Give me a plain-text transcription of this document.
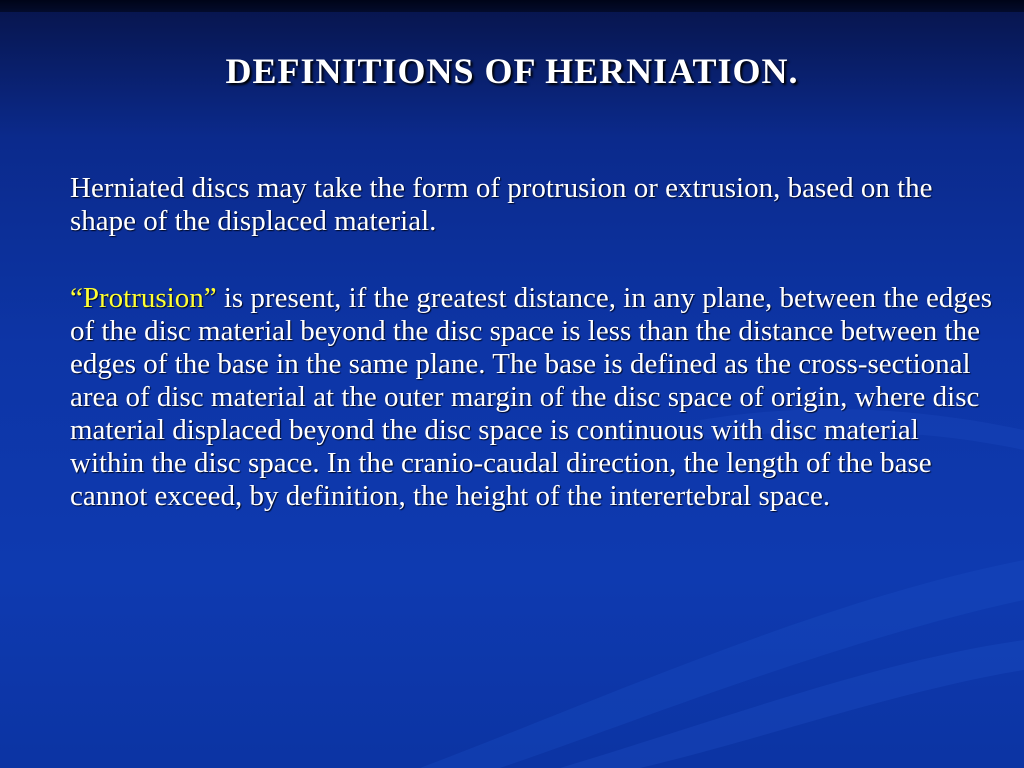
DEFINITIONS OF HERNIATION.

Herniated discs may take the form of protrusion or extrusion, based on the shape of the displaced material.

“Protrusion” is present, if the greatest distance, in any plane, between the edges of the disc material beyond the disc space is less than the distance between the edges of the base in the same plane. The base is defined as the cross-sectional area of disc material at the outer margin of the disc space of origin, where disc material displaced beyond the disc space is continuous with disc material within the disc space. In the cranio-caudal direction, the length of the base cannot exceed, by definition, the height of the interertebral space.
